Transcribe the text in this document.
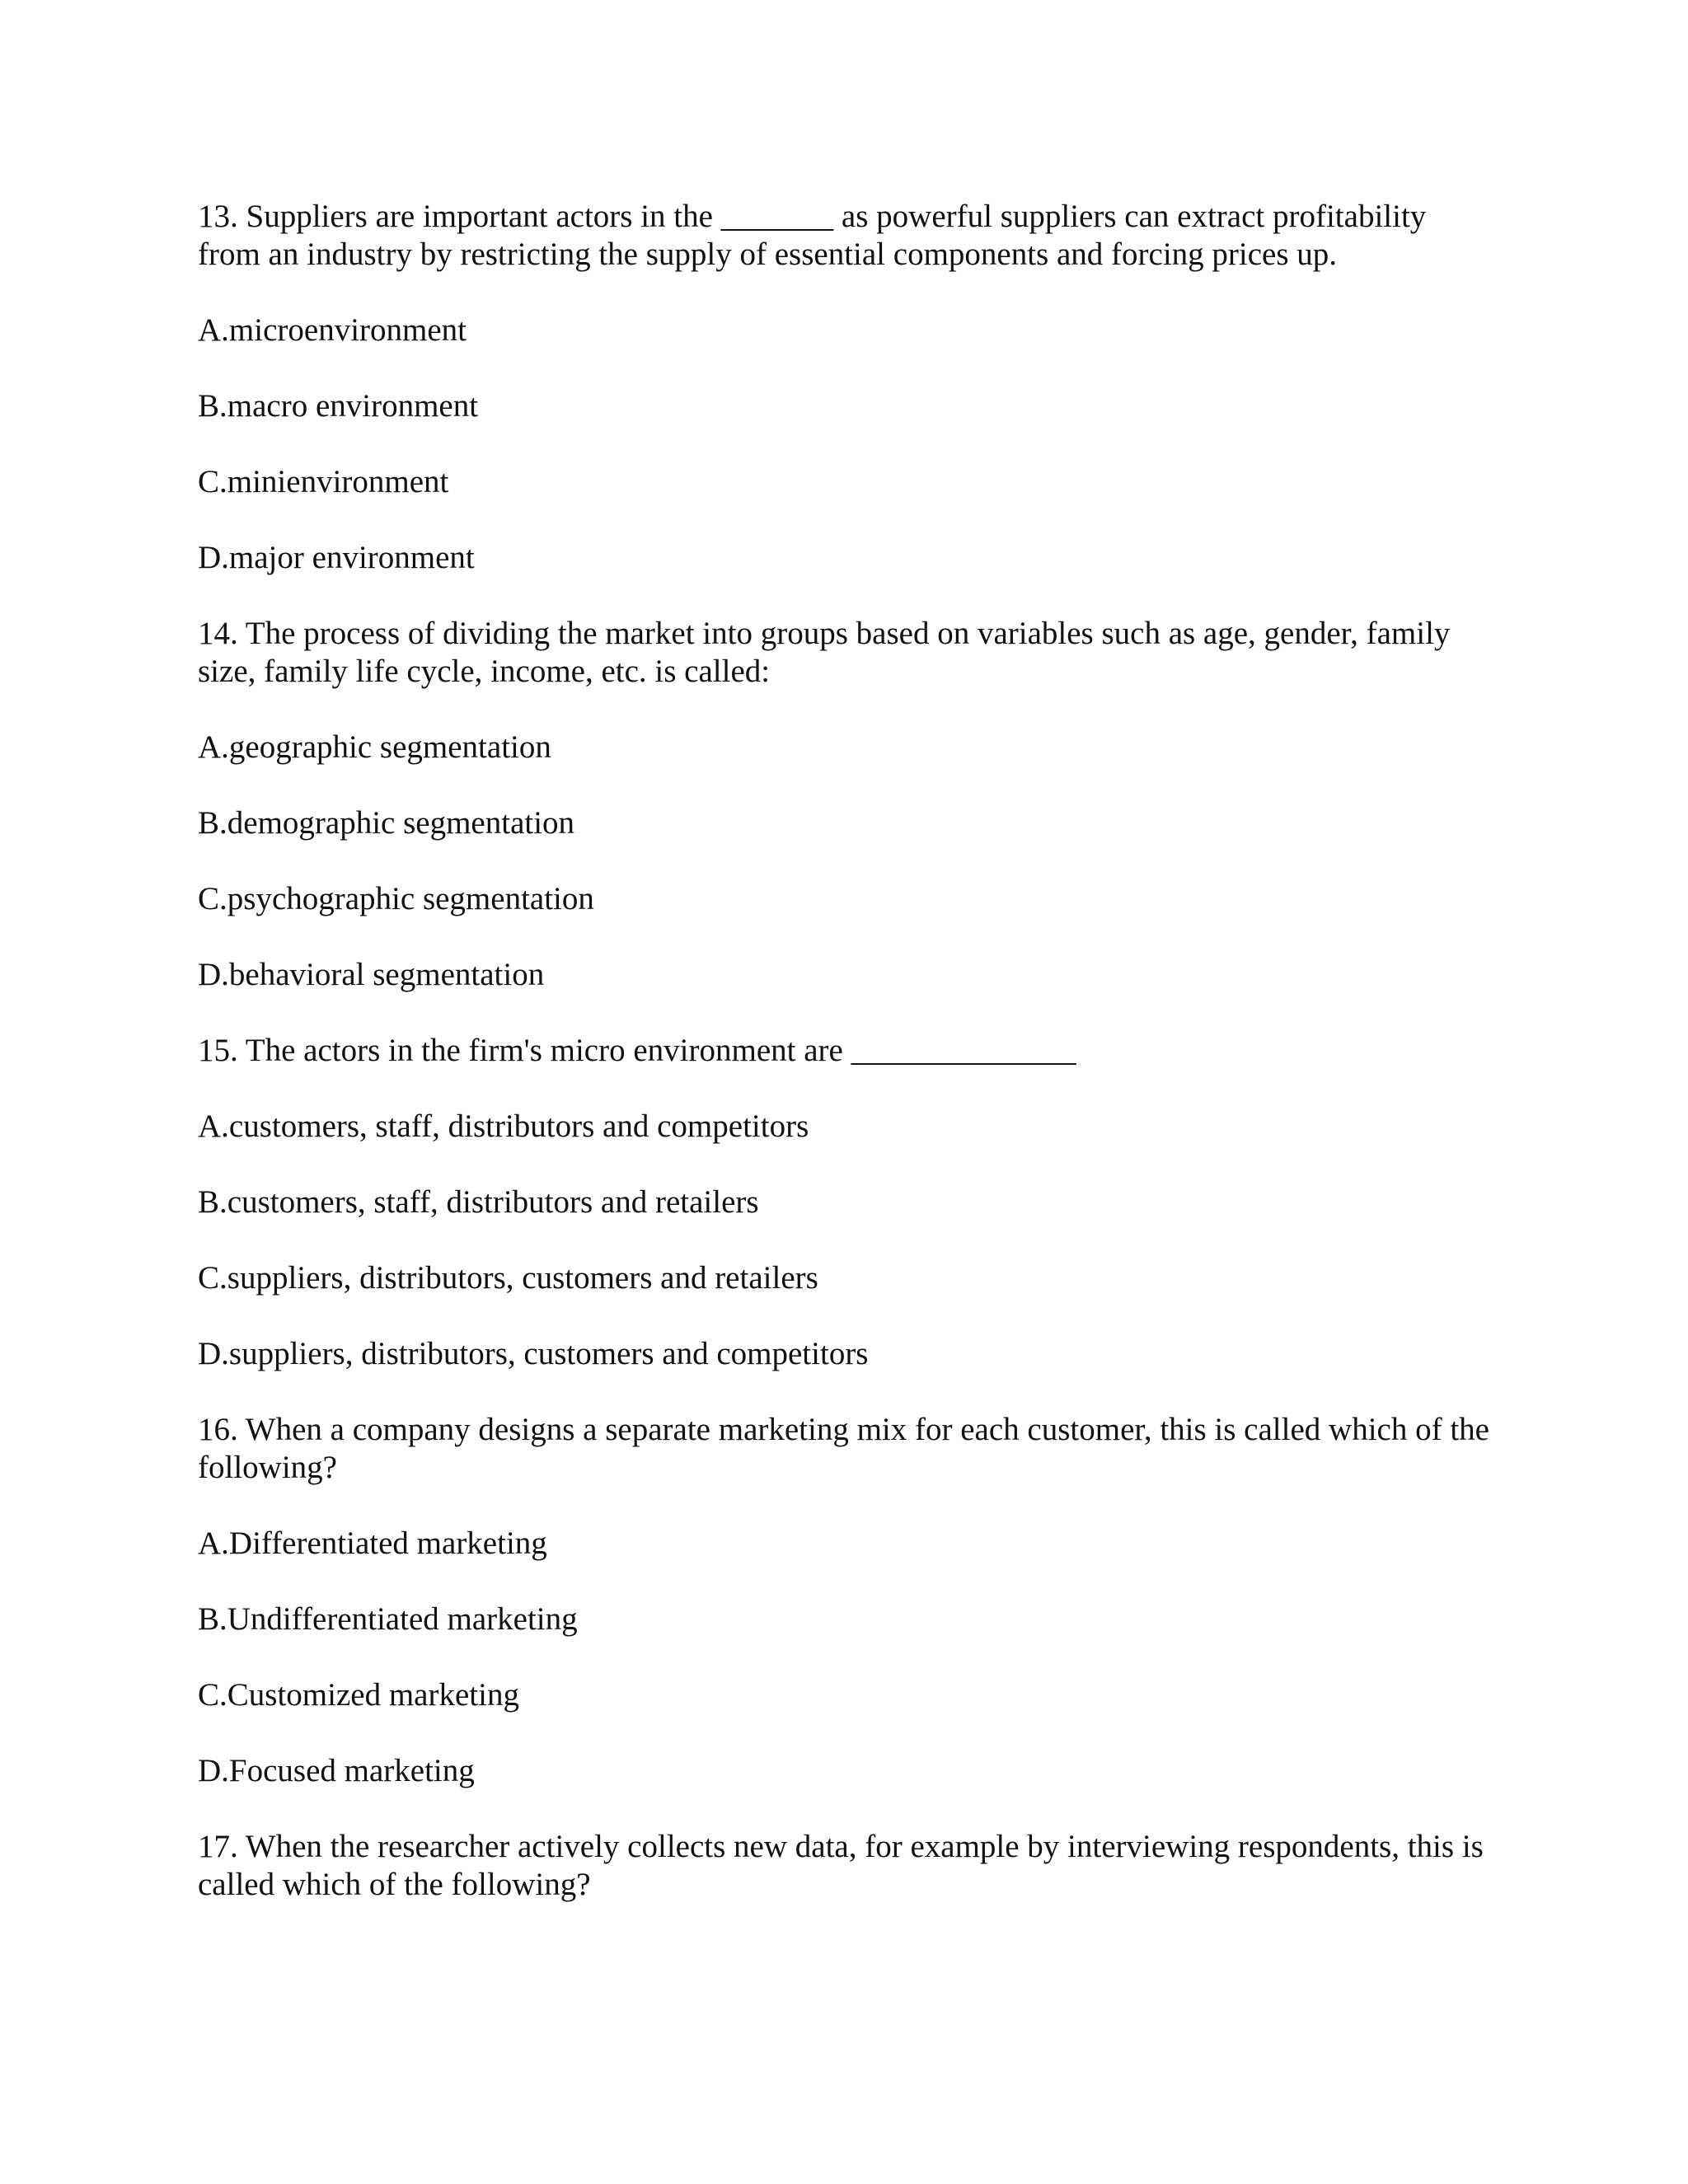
13. Suppliers are important actors in the _______ as powerful suppliers can extract profitability from an industry by restricting the supply of essential components and forcing prices up.
A.microenvironment
B.macro environment
C.minienvironment
D.major environment
14. The process of dividing the market into groups based on variables such as age, gender, family size, family life cycle, income, etc. is called:
A.geographic segmentation
B.demographic segmentation
C.psychographic segmentation
D.behavioral segmentation
15. The actors in the firm's micro environment are ______________
A.customers, staff, distributors and competitors
B.customers, staff, distributors and retailers
C.suppliers, distributors, customers and retailers
D.suppliers, distributors, customers and competitors
16. When a company designs a separate marketing mix for each customer, this is called which of the following?
A.Differentiated marketing
B.Undifferentiated marketing
C.Customized marketing
D.Focused marketing
17. When the researcher actively collects new data, for example by interviewing respondents, this is called which of the following?
